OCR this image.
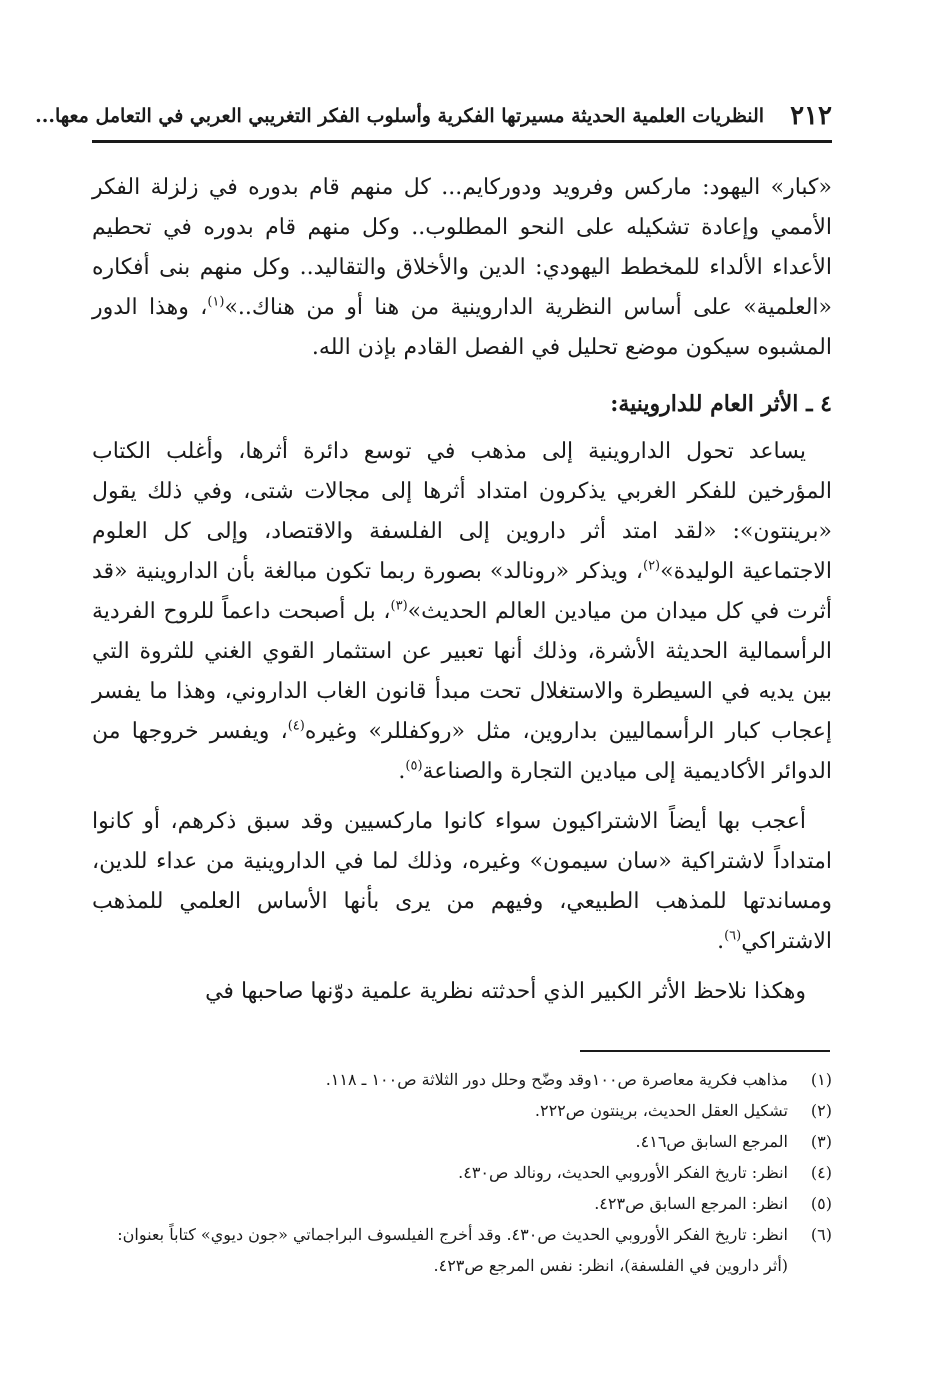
٢١٢
النظريات العلمية الحديثة مسيرتها الفكرية وأسلوب الفكر التغريبي العربي في التعامل معها...

«كبار» اليهود: ماركس وفرويد ودوركايم... كل منهم قام بدوره في زلزلة الفكر الأممي وإعادة تشكيله على النحو المطلوب.. وكل منهم قام بدوره في تحطيم الأعداء الألداء للمخطط اليهودي: الدين والأخلاق والتقاليد.. وكل منهم بنى أفكاره «العلمية» على أساس النظرية الداروينية من هنا أو من هناك..»$^{(١)}$، وهذا الدور المشبوه سيكون موضع تحليل في الفصل القادم بإذن الله.

٤ ـ الأثر العام للداروينية:

يساعد تحول الداروينية إلى مذهب في توسع دائرة أثرها، وأغلب الكتاب المؤرخين للفكر الغربي يذكرون امتداد أثرها إلى مجالات شتى، وفي ذلك يقول «برينتون»: «لقد امتد أثر داروين إلى الفلسفة والاقتصاد، وإلى كل العلوم الاجتماعية الوليدة»$^{(٢)}$، ويذكر «رونالد» بصورة ربما تكون مبالغة بأن الداروينية «قد أثرت في كل ميدان من ميادين العالم الحديث»$^{(٣)}$، بل أصبحت داعماً للروح الفردية الرأسمالية الحديثة الأشرة، وذلك أنها تعبير عن استثمار القوي الغني للثروة التي بين يديه في السيطرة والاستغلال تحت مبدأ قانون الغاب الداروني، وهذا ما يفسر إعجاب كبار الرأسماليين بداروين، مثل «روكفللر» وغيره$^{(٤)}$، ويفسر خروجها من الدوائر الأكاديمية إلى ميادين التجارة والصناعة$^{(٥)}$.

أعجب بها أيضاً الاشتراكيون سواء كانوا ماركسيين وقد سبق ذكرهم، أو كانوا امتداداً لاشتراكية «سان سيمون» وغيره، وذلك لما في الداروينية من عداء للدين، ومساندتها للمذهب الطبيعي، وفيهم من يرى بأنها الأساس العلمي للمذهب الاشتراكي$^{(٦)}$.

وهكذا نلاحظ الأثر الكبير الذي أحدثته نظرية علمية دوّنها صاحبها في

(١)
مذاهب فكرية معاصرة ص١٠٠وقد وضّح وحلل دور الثلاثة ص١٠٠ ـ ١١٨.
(٢)
تشكيل العقل الحديث، برينتون ص٢٢٢.
(٣)
المرجع السابق ص٤١٦.
(٤)
انظر: تاريخ الفكر الأوروبي الحديث، رونالد ص٤٣٠.
(٥)
انظر: المرجع السابق ص٤٢٣.
(٦)
انظر: تاريخ الفكر الأوروبي الحديث ص٤٣٠. وقد أخرج الفيلسوف البراجماتي «جون ديوي» كتاباً بعنوان: (أثر داروين في الفلسفة)، انظر: نفس المرجع ص٤٢٣.
